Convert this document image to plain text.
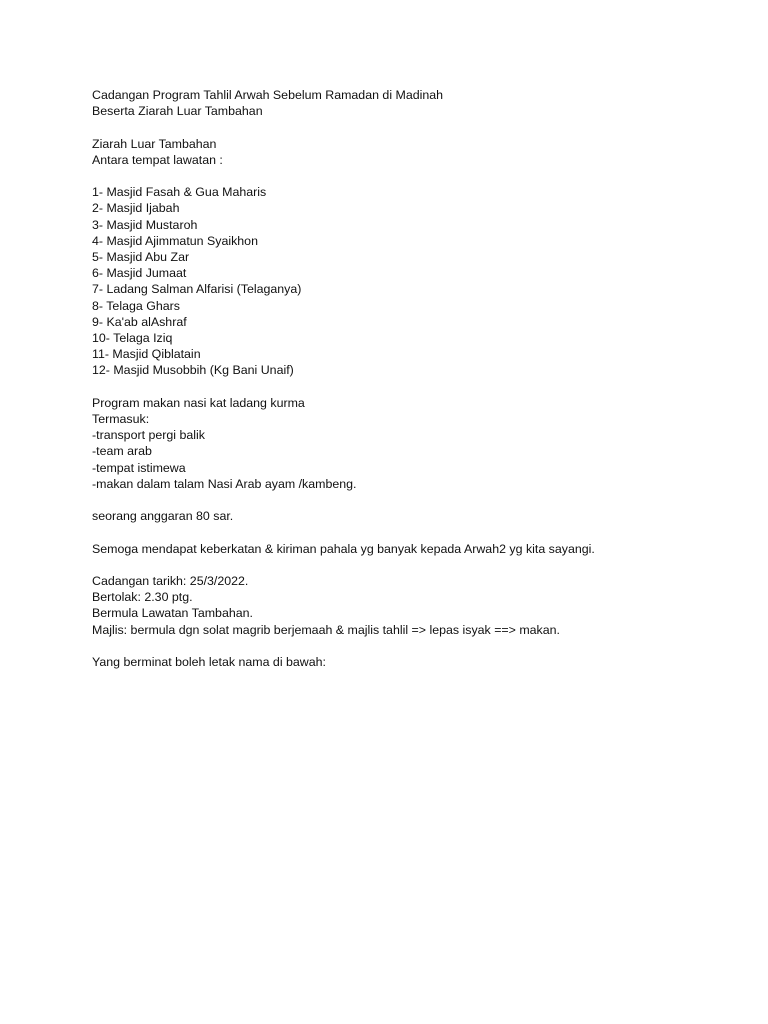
Cadangan Program Tahlil Arwah Sebelum Ramadan di Madinah
Beserta Ziarah Luar Tambahan
Ziarah Luar Tambahan
Antara tempat lawatan :
1- Masjid Fasah & Gua Maharis
2- Masjid Ijabah
3- Masjid Mustaroh
4- Masjid Ajimmatun Syaikhon
5- Masjid Abu Zar
6- Masjid Jumaat
7- Ladang Salman Alfarisi (Telaganya)
8- Telaga Ghars
9- Ka'ab alAshraf
10- Telaga Iziq
11- Masjid Qiblatain
12- Masjid Musobbih (Kg Bani Unaif)
Program makan nasi kat ladang kurma
Termasuk:
-transport pergi balik
-team arab
-tempat istimewa
-makan dalam talam Nasi Arab ayam /kambeng.
seorang anggaran 80 sar.
Semoga mendapat keberkatan & kiriman pahala yg banyak kepada Arwah2 yg kita sayangi.
Cadangan tarikh: 25/3/2022.
Bertolak: 2.30 ptg.
Bermula Lawatan Tambahan.
Majlis: bermula dgn solat magrib berjemaah & majlis tahlil => lepas isyak ==> makan.
Yang berminat boleh letak nama di bawah:
